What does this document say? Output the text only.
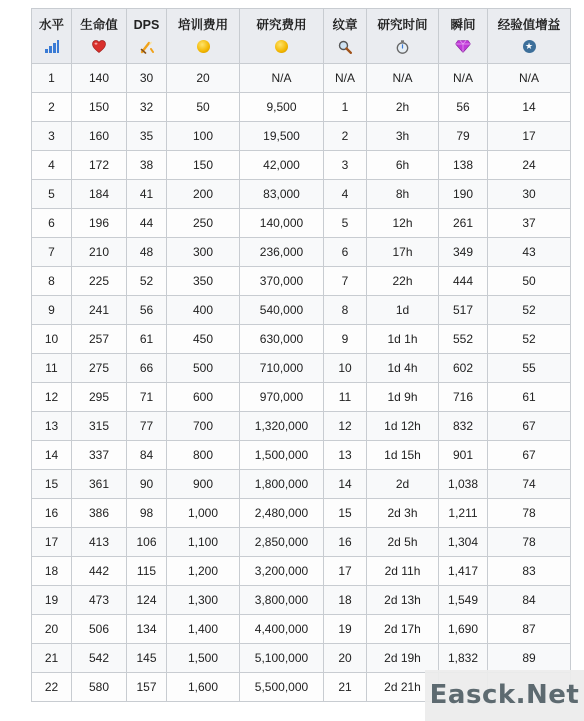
水平	生命值	DPS	培训费用	研究费用	纹章	研究时间	瞬间	经验值增益
★

1	140	30	20	N/A	N/A	N/A	N/A	N/A
2	150	32	50	9,500	1	2h	56	14
3	160	35	100	19,500	2	3h	79	17
4	172	38	150	42,000	3	6h	138	24
5	184	41	200	83,000	4	8h	190	30
6	196	44	250	140,000	5	12h	261	37
7	210	48	300	236,000	6	17h	349	43
8	225	52	350	370,000	7	22h	444	50
9	241	56	400	540,000	8	1d	517	52
10	257	61	450	630,000	9	1d 1h	552	52
11	275	66	500	710,000	10	1d 4h	602	55
12	295	71	600	970,000	11	1d 9h	716	61
13	315	77	700	1,320,000	12	1d 12h	832	67
14	337	84	800	1,500,000	13	1d 15h	901	67
15	361	90	900	1,800,000	14	2d	1,038	74
16	386	98	1,000	2,480,000	15	2d 3h	1,211	78
17	413	106	1,100	2,850,000	16	2d 5h	1,304	78
18	442	115	1,200	3,200,000	17	2d 11h	1,417	83
19	473	124	1,300	3,800,000	18	2d 13h	1,549	84
20	506	134	1,400	4,400,000	19	2d 17h	1,690	87
21	542	145	1,500	5,100,000	20	2d 19h	1,832	89
22	580	157	1,600	5,500,000	21	2d 21h		Easck.Net
